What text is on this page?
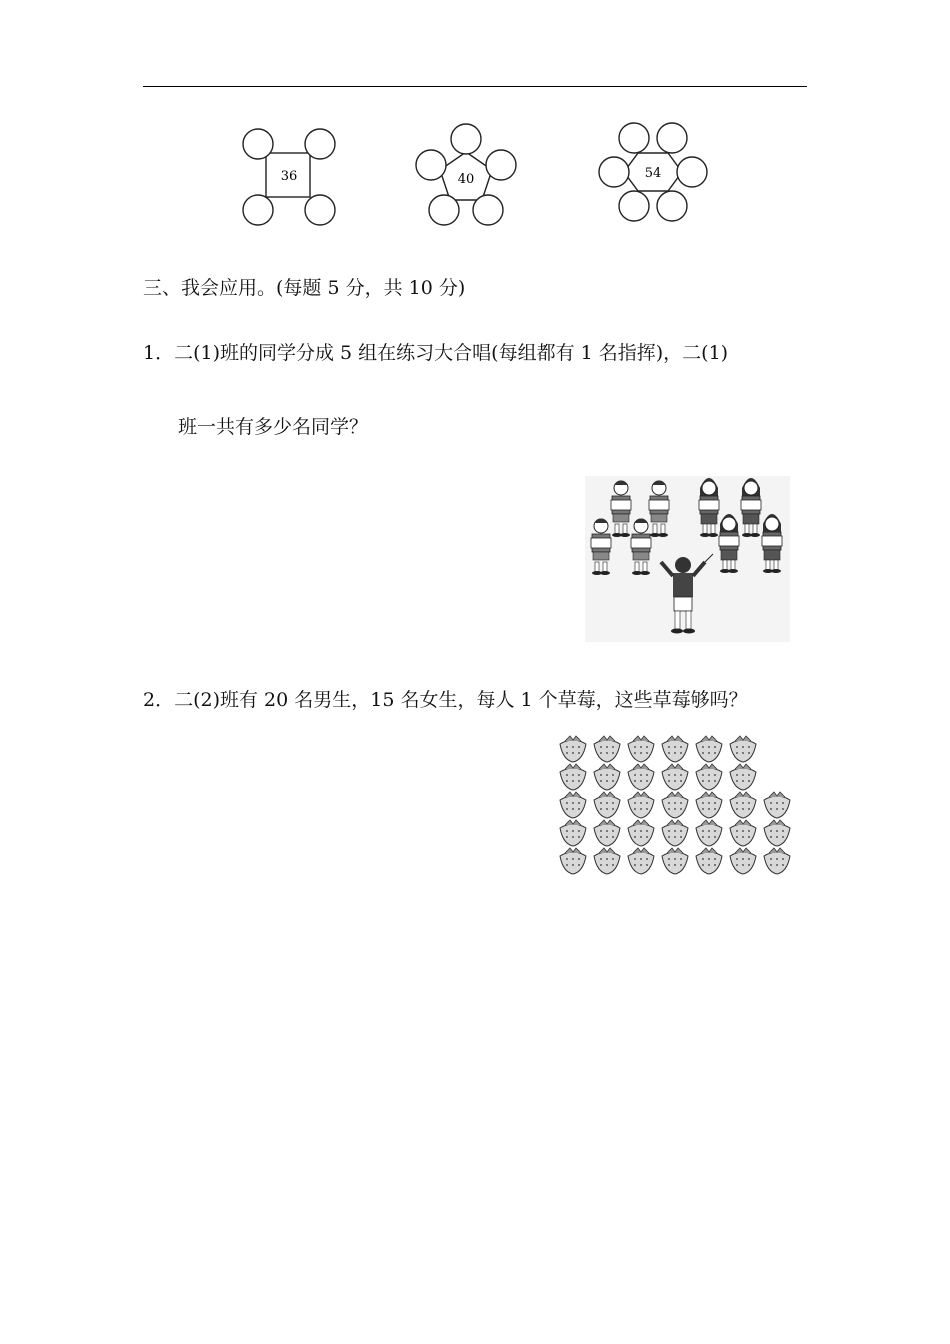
36	40	54
三、我会应用。(每题 5 分，共 10 分)
1．二(1)班的同学分成 5 组在练习大合唱(每组都有 1 名指挥)，二(1)
班一共有多少名同学？
2．二(2)班有 20 名男生，15 名女生，每人 1 个草莓，这些草莓够吗？
